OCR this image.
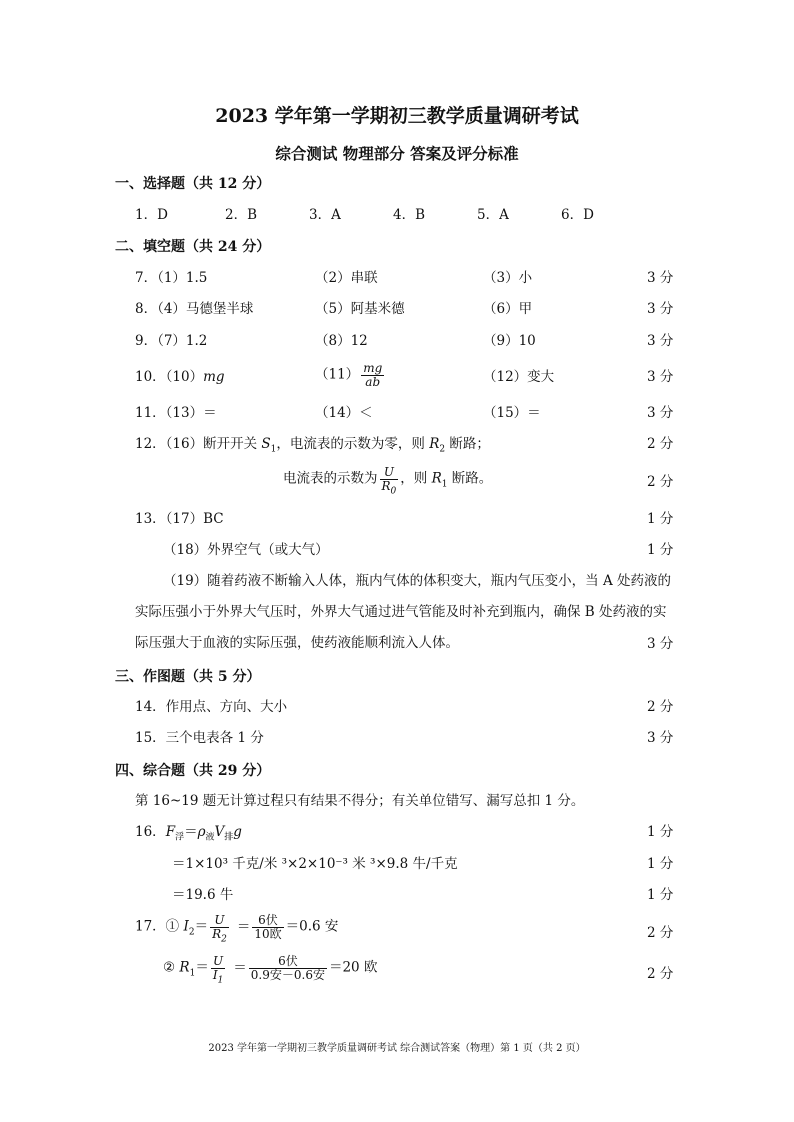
2023 学年第一学期初三教学质量调研考试
综合测试 物理部分 答案及评分标准
一、选择题（共 12 分）
1．D	2．B	3．A	4．B	5．A	6．D
二、填空题（共 24 分）
7．（1）1.5	（2）串联	（3）小	3 分
8．（4）马德堡半球	（5）阿基米德	（6）甲	3 分
9．（7）1.2	（8）12	（9）10	3 分
10．（10）mg	$(11) \frac{mg}{ab}$	（12）变大	3 分
11．（13）＝	（14）＜	（15）＝	3 分
12．（16）断开开关 $S_1$，电流表的示数为零，则 $R_2$ 断路；	2 分
电流表的示数为 $\frac{U}{R_0}$ ，则 $R_1$ 断路。	2 分
13．（17）BC	1 分
（18）外界空气（或大气）	1 分
（19）随着药液不断输入人体，瓶内气体的体积变大，瓶内气压变小，当 A 处药液的实际压强小于外界大气压时，外界大气通过进气管能及时补充到瓶内，确保 B 处药液的实际压强大于血液的实际压强，使药液能顺利流入人体。	3 分
三、作图题（共 5 分）
14．作用点、方向、大小	2 分
15．三个电表各 1 分	3 分
四、综合题（共 29 分）
第 16~19 题无计算过程只有结果不得分；有关单位错写、漏写总扣 1 分。
16．$F_浮=\rho_液V_排g$	1 分
＝1×10³ 千克/米 ³×2×10⁻³ 米 ³×9.8 牛/千克	1 分
＝19.6 牛	1 分
17．① $I_2= \frac{U}{R_2} = \frac{\text{6伏}}{\text{10欧}} =0.6$ 安	2 分
② $R_1= \frac{U}{I_1} = \frac{\text{6伏}}{\text{0.9安－0.6安}} =20$ 欧	2 分
2023 学年第一学期初三教学质量调研考试 综合测试答案（物理）第 1 页（共 2 页）
